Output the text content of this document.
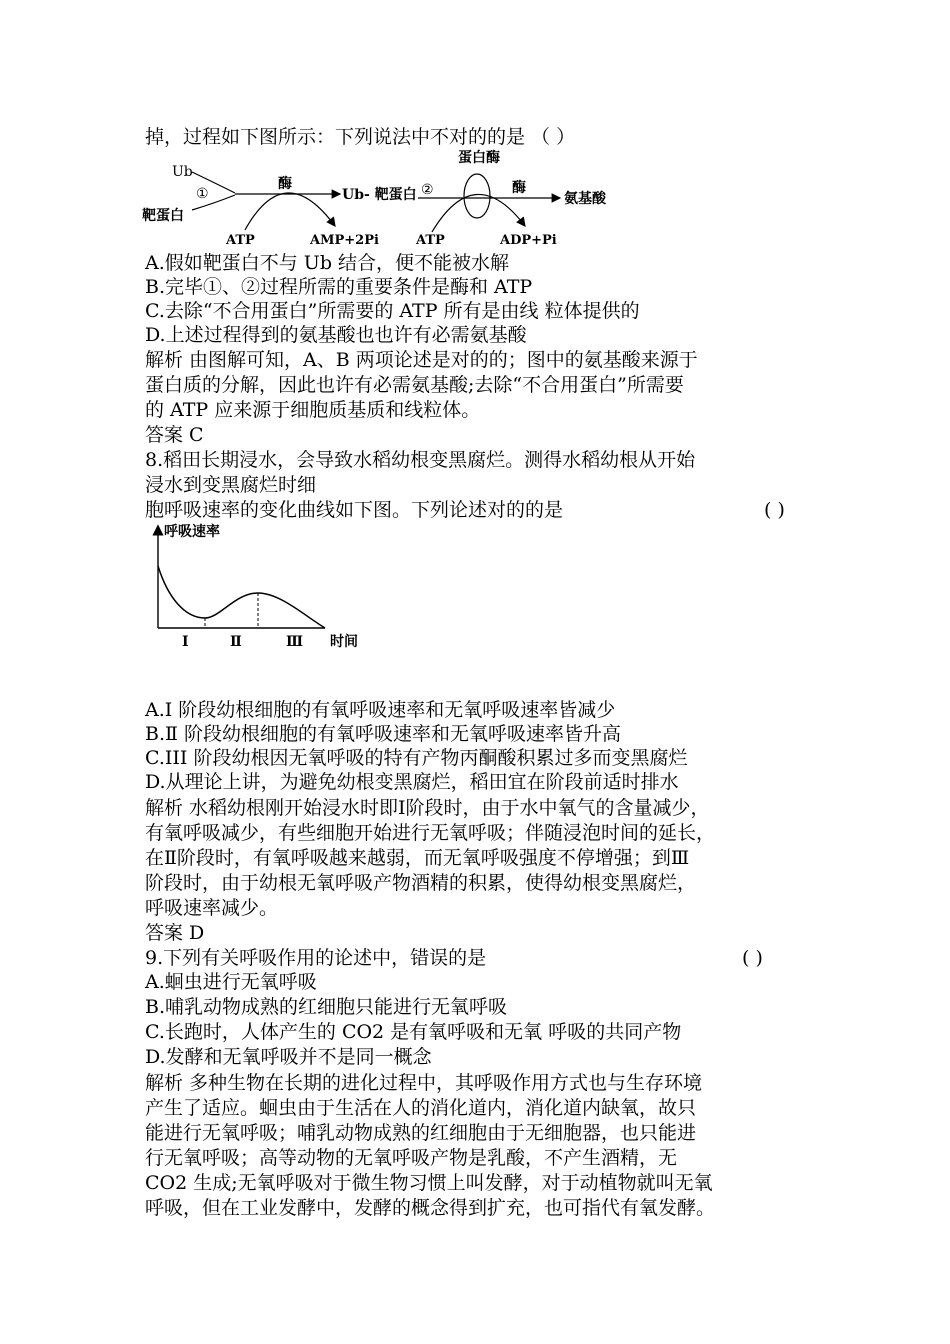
掉，过程如下图所示：下列说法中不对的的是 （ ）
Ub
靶蛋白
①
酶
ATP	AMP+2Pi
Ub- 靶蛋白 ②
蛋白酶
酶
氨基酸
ATP	ADP+Pi
A.假如靶蛋白不与 Ub 结合，便不能被水解
B.完毕①、②过程所需的重要条件是酶和 ATP
C.去除“不合用蛋白”所需要的 ATP 所有是由线 粒体提供的
D.上述过程得到的氨基酸也也许有必需氨基酸
解析 由图解可知，A、B 两项论述是对的的；图中的氨基酸来源于
蛋白质的分解，因此也许有必需氨基酸;去除“不合用蛋白”所需要
的 ATP 应来源于细胞质基质和线粒体。
答案 C
8.稻田长期浸水，会导致水稻幼根变黑腐烂。测得水稻幼根从开始
浸水到变黑腐烂时细
胞呼吸速率的变化曲线如下图。下列论述对的的是	( )
呼吸速率
时间
Ⅰ	Ⅱ	Ⅲ
A.Ⅰ 阶段幼根细胞的有氧呼吸速率和无氧呼吸速率皆减少
B.Ⅱ 阶段幼根细胞的有氧呼吸速率和无氧呼吸速率皆升高
C.III 阶段幼根因无氧呼吸的特有产物丙酮酸积累过多而变黑腐烂
D.从理论上讲，为避免幼根变黑腐烂，稻田宜在阶段前适时排水
解析 水稻幼根刚开始浸水时即Ⅰ阶段时，由于水中氧气的含量减少，
有氧呼吸减少，有些细胞开始进行无氧呼吸；伴随浸泡时间的延长，
在Ⅱ阶段时，有氧呼吸越来越弱，而无氧呼吸强度不停增强；到Ⅲ
阶段时，由于幼根无氧呼吸产物酒精的积累，使得幼根变黑腐烂，
呼吸速率减少。
答案 D
9.下列有关呼吸作用的论述中，错误的是	( )
A.蛔虫进行无氧呼吸
B.哺乳动物成熟的红细胞只能进行无氧呼吸
C.长跑时，人体产生的 CO2 是有氧呼吸和无氧 呼吸的共同产物
D.发酵和无氧呼吸并不是同一概念
解析 多种生物在长期的进化过程中，其呼吸作用方式也与生存环境
产生了适应。蛔虫由于生活在人的消化道内，消化道内缺氧，故只
能进行无氧呼吸；哺乳动物成熟的红细胞由于无细胞器，也只能进
行无氧呼吸；高等动物的无氧呼吸产物是乳酸，不产生酒精，无
CO2 生成;无氧呼吸对于微生物习惯上叫发酵，对于动植物就叫无氧
呼吸，但在工业发酵中，发酵的概念得到扩充，也可指代有氧发酵。
